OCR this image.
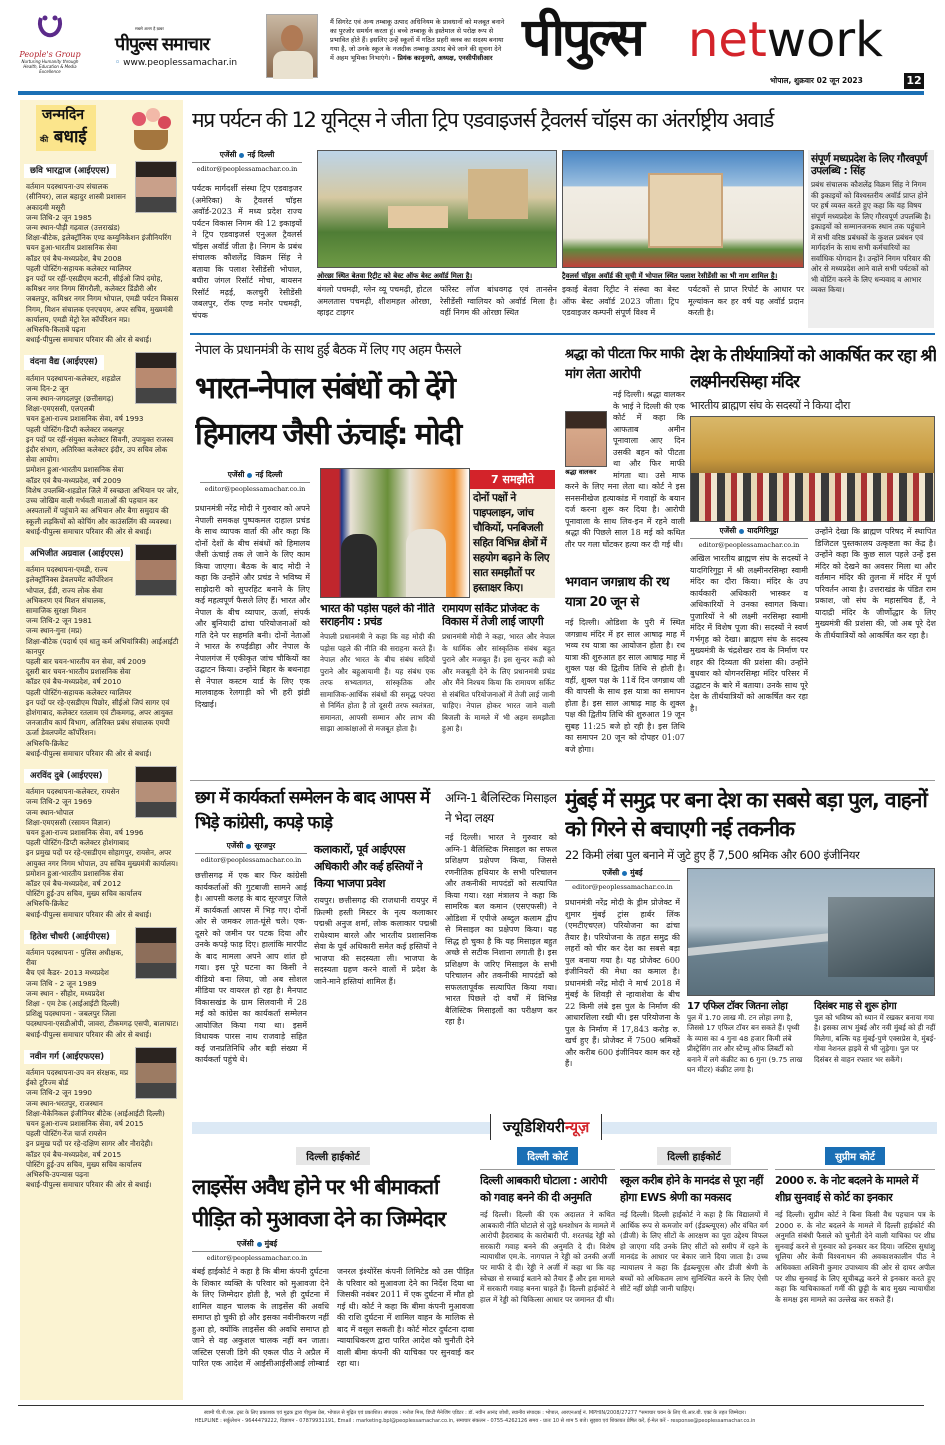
People's Group
Nurturing Humanity through Health, Education & Media Excellence
सबसे अलग है ख़बर
पीपुल्स समाचार
◦ www.peoplessamachar.in
मैं सिगरेट एवं अन्य तम्बाकू उत्पाद अधिनियम के प्रावधानों को मजबूत बनाने का पुरजोर समर्थन करता हूं। बच्चे तम्बाकू के इस्तेमाल से परोक्ष रूप से प्रभावित होते हैं। इसलिए उन्हें स्कूलों में गठित प्रहरी क्लब का सदस्य बनाया गया है, जो उनके स्कूल के नजदीक तम्बाकू उत्पाद बेचे जाने की सूचना देने में अहम भूमिका निभाएंगे। - प्रियंक कानूनगो, अध्यक्ष, एनसीपीसीआर पीपुल्स network
भोपाल, शुक्रवार 02 जून 2023	12
जन्मदिन
की बधाई
छवि भारद्वाज (आईएएस)
वर्तमान पदस्थापना-उप संचालक (सीनियर), लाल बहादुर शास्त्री प्रशासन अकादमी मसूरी
जन्म तिथि-2 जून 1985
जन्म स्थान-पौड़ी गढ़वाल (उत्तराखंड)
शिक्षा-बीटेक, इलेक्ट्रॉनिक एण्ड कम्युनिकेशन इंजीनियरिंग
चयन हुआ-भारतीय प्रशासनिक सेवा
कॉडर एवं बैच-मध्यप्रदेश, बैच 2008
पहली पोस्टिंग-सहायक कलेक्टर ग्वालियर
इन पदों पर रहीं-एसडीएम कटनी, सीईओ जिपं दमोह, कमिश्नर नगर निगम सिंगरौली, कलेक्टर डिंडौरी और जबलपुर, कमिश्नर नगर निगम भोपाल, एमडी पर्यटन विकास निगम, मिशन संचालक एनएचएम, अपर सचिव, मुख्यमंत्री कार्यालय, एमडी मेट्रो रेल कॉर्पोरेशन मप्र।
अभिरुचि-किताबें पढ़ना
बधाई-पीपुल्स समाचार परिवार की ओर से बधाई।
वंदना वैद्य (आईएएस)
वर्तमान पदस्थापना-कलेक्टर, शहडोल
जन्म दिन-2 जून
जन्म स्थान-जगदलपुर (छत्तीसगढ़)
शिक्षा-एमएससी, एलएलबी
चयन हुआ-राज्य प्रशासनिक सेवा, वर्ष 1993
पहली पोस्टिंग-डिप्टी कलेक्टर जबलपुर
इन पदों पर रहीं-संयुक्त कलेक्टर सिवनी, उपायुक्त राजस्व इंदौर संभाग, अतिरिक्त कलेक्टर इंदौर, उप सचिव लोक सेवा आयोग।
प्रमोशन हुआ-भारतीय प्रशासनिक सेवा
कॉडर एवं बैच-मध्यप्रदेश, वर्ष 2009
विशेष उपलब्धि-शहडोल जिले में स्वच्छता अभियान पर जोर, उच्च जोखिम वाली गर्भवती माताओं की पहचान कर अस्पतालों में पहुंचाने का अभियान और बैगा समुदाय की स्कूली लड़कियों को कोचिंग और काउंसलिंग की व्यवस्था।
बधाई-पीपुल्स समाचार परिवार की ओर से बधाई।
अभिजीत अग्रवाल (आईएएस)
वर्तमान पदस्थापना-एमडी, राज्य इलेक्ट्रॉनिक्स डेवलपमेंट कॉर्पोरेशन भोपाल, ईडी, राज्य लोक सेवा अभिकरण एवं मिशन संचालक, सामाजिक सुरक्षा मिशन
जन्म तिथि-2 जून 1981
जन्म स्थान-गुना (मप्र)
शिक्षा-बीटेक (पदार्थ एवं धातु कर्म अभियांत्रिकी) आईआईटी कानपुर
पहली बार चयन-भारतीय वन सेवा, वर्ष 2009
दूसरी बार चयन-भारतीय प्रशासनिक सेवा
कॉडर एवं बैच-मध्यप्रदेश, वर्ष 2010
पहली पोस्टिंग-सहायक कलेक्टर ग्वालियर
इन पदों पर रहे-एसडीएम पिछोर, सीईओ जिपं सागर एवं होशंगाबाद, कलेक्टर रतलाम एवं टीकमगढ़, अपर आयुक्त जनजातीय कार्य विभाग, अतिरिक्त प्रबंध संचालक एमपी ऊर्जा डेवलपमेंट कॉर्पोरेशन।
अभिरुचि-क्रिकेट
बधाई-पीपुल्स समाचार परिवार की ओर से बधाई।
अरविंद दुबे (आईएएस)
वर्तमान पदस्थापना-कलेक्टर, रायसेन
जन्म तिथि-2 जून 1969
जन्म स्थान-भोपाल
शिक्षा-एमएससी (रसायन विज्ञान)
चयन हुआ-राज्य प्रशासनिक सेवा, वर्ष 1996
पहली पोस्टिंग-डिप्टी कलेक्टर होशंगाबाद
इन प्रमुख पदों पर रहे-एसडीएम सोहागपुर, रायसेन, अपर आयुक्त नगर निगम भोपाल, उप सचिव मुख्यमंत्री कार्यालय।
प्रमोशन हुआ-भारतीय प्रशासनिक सेवा
कॉडर एवं बैच-मध्यप्रदेश, वर्ष 2012
पोस्टिंग हुई-उप सचिव, मुख्य सचिव कार्यालय
अभिरुचि-क्रिकेट
बधाई-पीपुल्स समाचार परिवार की ओर से बधाई।
हितेश चौधरी (आईपीएस)
वर्तमान पदस्थापना - पुलिस अधीक्षक, रीवा
बैच एवं कैडर- 2013 मध्यप्रदेश
जन्म तिथि - 2 जून 1989
जन्म स्थान - सीहोर, मध्यप्रदेश
शिक्षा - एम टेक (आईआईटी दिल्ली)
प्रशिक्षु पदस्थापना - जबलपुर जिला
पदस्थापना-एसडीओपी, जावरा, टीकमगढ़ एसपी, बालाघाट।
बधाई-पीपुल्स समाचार परिवार की ओर से बधाई।
नवीन गर्ग (आईएफएस)
वर्तमान पदस्थापना-उप वन संरक्षक, मप्र ईको टूरिज्म बोर्ड
जन्म तिथि-2 जून 1990
जन्म स्थान-भरतपुर, राजस्थान
शिक्षा-मैकेनिकल इंजीनियर बीटेक (आईआईटी दिल्ली)
चयन हुआ-राज्य प्रशासनिक सेवा, वर्ष 2015
पहली पोस्टिंग-रेंज चार्ज रायसेन
इन प्रमुख पदों पर रहे-दक्षिण सागर और नौरादेही।
कॉडर एवं बैच-मध्यप्रदेश, वर्ष 2015
पोस्टिंग हुई-उप सचिव, मुख्य सचिव कार्यालय
अभिरुचि-उपन्यास पढ़ना
बधाई-पीपुल्स समाचार परिवार की ओर से बधाई।
मप्र पर्यटन की 12 यूनिट्स ने जीता ट्रिप एडवाइजर्स ट्रैवलर्स चॉइस का अंतर्राष्ट्रीय अवार्ड
एजेंसी नई दिल्ली
editor@peoplessamachar.co.in
पर्यटक मार्गदर्शी संस्था ट्रिप एडवाइजर (अमेरिका) के ट्रैवलर्स चॉइस अवॉर्ड-2023 में मध्य प्रदेश राज्य पर्यटन विकास निगम की 12 इकाइयों ने ट्रिप एडवाइजर्स एनुअल ट्रैवलर्स चॉइस अवॉर्ड जीता है। निगम के प्रबंध संचालक कौशलेंद्र विक्रम सिंह ने बताया कि पलाश रेसीडेंसी भोपाल, बघीरा जंगल रिसॉर्ट मोचा, बायसन रिसॉर्ट मढ़ई, कलचुरी रेसीडेंसी जबलपुर, रॉक एण्ड मनोर पचमढ़ी, चंपक
ओरछा स्थित बेतवा रिट्रीट को बेस्ट ऑफ बेस्ट अवॉर्ड मिला है।
बंगलो पचमढ़ी, ग्लेन व्यू पचमढ़ी, होटल अमलतास पचमढ़ी, शीशमहल ओरछा, व्हाइट टाइगर
फॉरेस्ट लॉज बांधवगढ़ एवं तानसेन रेसीडेंसी ग्वालियर को अवॉर्ड मिला है। वहीं निगम की ओरछा स्थित
ट्रैवलर्स चॉइस अवॉर्ड की सूची में भोपाल स्थित पलाश रेसीडेंसी का भी नाम शामिल है।
इकाई बेतवा रिट्रीट ने संस्था का बेस्ट ऑफ बेस्ट अवॉर्ड 2023 जीता। ट्रिप एडवाइजर कम्पनी संपूर्ण विश्व में
पर्यटकों से प्राप्त रिपोर्ट के आधार पर मूल्यांकन कर हर वर्ष यह अवॉर्ड प्रदान करती है।
संपूर्ण मध्यप्रदेश के लिए गौरवपूर्ण उपलब्धि : सिंह
प्रबंध संचालक कौशलेंद्र विक्रम सिंह ने निगम की इकाइयों को विश्वस्तरीय अवॉर्ड प्राप्त होने पर हर्ष व्यक्त करते हुए कहा कि यह विषय संपूर्ण मध्यप्रदेश के लिए गौरवपूर्ण उपलब्धि है। इकाइयों को सम्मानजनक स्थान तक पहुंचाने में सभी वरिष्ठ प्रबंधकों के कुशल प्रबंधन एवं मार्गदर्शन के साथ सभी कर्मचारियों का सर्वाधिक योगदान है। उन्होंने निगम परिवार की ओर से मध्यप्रदेश आने वाले सभी पर्यटकों को भी वोटिंग करने के लिए धन्यवाद व आभार व्यक्त किया।
नेपाल के प्रधानमंत्री के साथ हुई बैठक में लिए गए अहम फैसले
भारत-नेपाल संबंधों को देंगे
हिमालय जैसी ऊंचाई: मोदी
एजेंसी नई दिल्ली
editor@peoplessamachar.co.in
प्रधानमंत्री नरेंद्र मोदी ने गुरुवार को अपने नेपाली समकक्ष पुष्पकमल दाहाल प्रचंड के साथ व्यापक वार्ता की और कहा कि दोनों देशों के बीच संबंधों को हिमालय जैसी ऊंचाई तक ले जाने के लिए काम किया जाएगा। बैठक के बाद मोदी ने कहा कि उन्होंने और प्रचंड ने भविष्य में साझेदारी को सुपरहिट बनाने के लिए कई महत्वपूर्ण फैसले लिए हैं। भारत और नेपाल के बीच व्यापार, ऊर्जा, संपर्क और बुनियादी ढांचा परियोजनाओं को गति देने पर सहमति बनी। दोनों नेताओं ने भारत के रुपईडीहा और नेपाल के नेपालगंज में एकीकृत जांच चौकियों का उद्घाटन किया। उन्होंने बिहार के बथनाहा से नेपाल कस्टम यार्ड के लिए एक मालवाहक रेलगाड़ी को भी हरी झंडी दिखाई।
7 समझौते
दोनों पक्षों ने पाइपलाइन, जांच चौकियों, पनबिजली सहित विभिन्न क्षेत्रों में सहयोग बढ़ाने के लिए सात समझौतों पर हस्ताक्षर किए।
भारत की पड़ोस पहले की नीति सराहनीय : प्रचंड
नेपाली प्रधानमंत्री ने कहा कि वह मोदी की पड़ोस पहले की नीति की सराहना करते हैं। नेपाल और भारत के बीच संबंध सदियों पुराने और बहुआयामी हैं। यह संबंध एक तरफ सभ्यतागत, सांस्कृतिक और सामाजिक-आर्थिक संबंधों की समृद्ध परंपरा से निर्मित होता है तो दूसरी तरफ स्वतंत्रता, समानता, आपसी सम्मान और लाभ की साझा आकांक्षाओं से मजबूत होता है।
रामायण सर्किट प्रोजेक्ट के विकास में तेजी लाई जाएगी
प्रधानमंत्री मोदी ने कहा, भारत और नेपाल के धार्मिक और सांस्कृतिक संबंध बहुत पुराने और मजबूत हैं। इस सुन्दर कड़ी को और मजबूती देने के लिए प्रधानमंत्री प्रचंड और मैंने निश्चय किया कि रामायण सर्किट से संबंधित परियोजनाओं में तेजी लाई जानी चाहिए। नेपाल होकर भारत जाने वाली बिजली के मामले में भी अहम समझौता हुआ है।
श्रद्धा को पीटता फिर माफी मांग लेता आरोपी
श्रद्धा वालकर
नई दिल्ली। श्रद्धा वालकर के भाई ने दिल्ली की एक कोर्ट में कहा कि आफताब अमीन पूनावाला आए दिन उसकी बहन को पीटता था और फिर माफी मांगता था। उसे माफ करने के लिए मना लेता था। कोर्ट ने इस सनसनीखेज हत्याकांड में गवाहों के बयान दर्ज करना शुरू कर दिया है। आरोपी पूनावाला के साथ लिव-इन में रहने वाली श्रद्धा की पिछले साल 18 मई को कथित तौर पर गला घोंटकर हत्या कर दी गई थी।
भगवान जगन्नाथ की रथ यात्रा 20 जून से
नई दिल्ली। ओडिशा के पुरी में स्थित जगन्नाथ मंदिर में हर साल आषाढ़ माह में भव्य रथ यात्रा का आयोजन होता है। रथ यात्रा की शुरुआत हर साल आषाढ़ माह में शुक्ल पक्ष की द्वितीय तिथि से होती है। वहीं, शुक्ल पक्ष के 11वें दिन जगन्नाथ जी की वापसी के साथ इस यात्रा का समापन होता है। इस साल आषाढ़ माह के शुक्ल पक्ष की द्वितीय तिथि की शुरुआत 19 जून सुबह 11:25 बजे हो रही है। इस तिथि का समापन 20 जून को दोपहर 01:07 बजे होगा।
देश के तीर्थयात्रियों को आकर्षित कर रहा श्री लक्ष्मीनरसिम्हा मंदिर
भारतीय ब्राह्मण संघ के सदस्यों ने किया दौरा
एजेंसी यादगिरिगुट्टा
editor@peoplessamachar.co.in
अखिल भारतीय ब्राह्मण संघ के सदस्यों ने यादगिरिगुट्टा में श्री लक्ष्मीनरसिम्हा स्वामी मंदिर का दौरा किया। मंदिर के उप कार्यकारी अधिकारी भास्कर व अधिकारियों ने उनका स्वागत किया। पुजारियों ने श्री लक्ष्मी नरसिम्हा स्वामी मंदिर में विशेष पूजा की। सदस्यों ने स्वर्ण गर्भगृह को देखा। ब्राह्मण संघ के सदस्य मुख्यमंत्री के चंद्रशेखर राव के निर्माण पर शहर की दिव्यता की प्रशंसा की। उन्होंने बुधवार को योगनरसिम्हा मंदिर परिसर में उद्घाटन के बारे में बताया। उनके साथ पूरे देश के तीर्थयात्रियों को आकर्षित कर रहा है।
उन्होंने देखा कि ब्राह्मण परिषद में स्थापित डिजिटल पुस्तकालय उत्कृष्टता का केंद्र है। उन्होंने कहा कि कुछ साल पहले उन्हें इस मंदिर को देखने का अवसर मिला था और वर्तमान मंदिर की तुलना में मंदिर में पूर्ण परिवर्तन आया है। उत्तराखंड के पंडित राम प्रकाश, जो संघ के महासचिव हैं, ने यादाद्री मंदिर के जीर्णोद्धार के लिए मुख्यमंत्री की प्रशंसा की, जो अब पूरे देश के तीर्थयात्रियों को आकर्षित कर रहा है।
छग में कार्यकर्ता सम्मेलन के बाद आपस में भिड़े कांग्रेसी, कपड़े फाड़े
एजेंसी सूरजपुर
editor@peoplessamachar.co.in
छत्तीसगढ़ में एक बार फिर कांग्रेसी कार्यकर्ताओं की गुटबाजी सामने आई है। आपसी कलह के बाद सूरजपुर जिले में कार्यकर्ता आपस में भिड़ गए। दोनों ओर से जमकर लात-घूंसे चले। एक-दूसरे को जमीन पर पटक दिया और उनके कपड़े फाड़ दिए। हालांकि मारपीट के बाद मामला अपने आप शांत हो गया। इस पूरे घटना का किसी ने वीडियो बना लिया, जो अब सोशल मीडिया पर वायरल हो रहा है। मैनपाट विकासखंड के ग्राम सिलवानी में 28 मई को कांग्रेस का कार्यकर्ता सम्मेलन आयोजित किया गया था। इसमें विधायक पारस नाथ राजवाड़े सहित कई जनप्रतिनिधि और बड़ी संख्या में कार्यकर्ता पहुंचे थे।
कलाकारों, पूर्व आईएएस अधिकारी और कई हस्तियों ने किया भाजपा प्रवेश
रायपुर। छत्तीसगढ़ की राजधानी रायपुर में फ़िल्मी हस्ती मिस्टर के नृत्य कलाकार पद्मश्री अनुज शर्मा, लोक कलाकार पद्मश्री राधेश्याम बारले और भारतीय प्रशासनिक सेवा के पूर्व अधिकारी समेत कई हस्तियों ने भाजपा की सदस्यता ली। भाजपा के सदस्यता ग्रहण करने वालों में प्रदेश के जाने-माने हस्तियां शामिल हैं।
अग्नि-1 बैलिस्टिक मिसाइल ने भेदा लक्ष्य
नई दिल्ली। भारत ने गुरुवार को अग्नि-1 बैलिस्टिक मिसाइल का सफल प्रशिक्षण प्रक्षेपण किया, जिससे रणनीतिक हथियार के सभी परिचालन और तकनीकी मापदंडों को सत्यापित किया गया। रक्षा मंत्रालय ने कहा कि सामरिक बल कमान (एसएफसी) ने ओडिशा में एपीजे अब्दुल कलाम द्वीप से मिसाइल का प्रक्षेपण किया। यह सिद्ध हो चुका है कि यह मिसाइल बहुत अच्छे से सटीक निशाना लगाती है। इस प्रशिक्षण के जरिए मिसाइल के सभी परिचालन और तकनीकी मापदंडों को सफलतापूर्वक सत्यापित किया गया। भारत पिछले दो वर्षों में विभिन्न बैलिस्टिक मिसाइलों का परीक्षण कर रहा है।
मुंबई में समुद्र पर बना देश का सबसे बड़ा पुल, वाहनों को गिरने से बचाएगी नई तकनीक
22 किमी लंबा पुल बनाने में जुटे हुए हैं 7,500 श्रमिक और 600 इंजीनियर
एजेंसी मुंबई
editor@peoplessamachar.co.in
प्रधानमंत्री नरेंद्र मोदी के ड्रीम प्रोजेक्ट में शुमार मुंबई ट्रांस हार्बर लिंक (एमटीएचएल) परियोजना का ढांचा तैयार है। परियोजना के तहत समुद्र की लहरों को चीर कर देश का सबसे बड़ा पुल बनाया गया है। यह प्रोजेक्ट 600 इंजीनियरों की मेधा का कमाल है। प्रधानमंत्री नरेंद्र मोदी ने मार्च 2018 में मुंबई के शिवड़ी से न्हावाशेवा के बीच 22 किमी लंबे इस पुल के निर्माण की आधारशिला रखी थी। इस परियोजना के पुल के निर्माण में 17,843 करोड़ रु. खर्च हुए हैं। प्रोजेक्ट में 7500 श्रमिकों और करीब 600 इंजीनियर काम कर रहे हैं।
17 एफिल टॉवर जितना लोहा
पुल में 1.70 लाख मी. टन लोहा लगा है, जिससे 17 एफिल टॉवर बन सकते हैं। पृथ्वी के व्यास का 4 गुना 48 हजार किमी लंबे प्रीस्ट्रेसिंग तार और स्टैच्यू ऑफ लिबर्टी को बनाने में लगे कंक्रीट का 6 गुना (9.75 लाख घन मीटर) कंक्रीट लगा है।
दिसंबर माह से शुरू होगा
पुल को भविष्य को ध्यान में रखकर बनाया गया है। इसका लाभ मुंबई और नवी मुंबई को ही नहीं मिलेगा, बल्कि यह मुंबई-पुणे एक्सप्रेस वे, मुंबई-गोवा नेशनल हाइवे से भी जुड़ेगा। पुल पर दिसंबर से वाहन रफ्तार भर सकेंगे।
ज्यूडिशियरीन्यूज़
दिल्ली हाईकोर्ट
लाइसेंस अवैध होने पर भी बीमाकर्ता पीड़ित को मुआवजा देने का जिम्मेदार
एजेंसी मुंबई
editor@peoplessamachar.co.in
बंबई हाईकोर्ट ने कहा है कि बीमा कंपनी दुर्घटना के शिकार व्यक्ति के परिवार को मुआवजा देने के लिए जिम्मेदार होती है, भले ही दुर्घटना में शामिल वाहन चालक के लाइसेंस की अवधि समाप्त हो चुकी हो और इसका नवीनीकरण नहीं हुआ हो, क्योंकि लाइसेंस की अवधि समाप्त हो जाने से वह अकुशल चालक नहीं बन जाता। जस्टिस एसजी डिगे की एकल पीठ ने अप्रैल में पारित एक आदेश में आईसीआईसीआई लोम्बार्ड जनरल इंश्योरेंस कंपनी लिमिटेड को उस पीड़ित के परिवार को मुआवजा देने का निर्देश दिया था जिसकी नवंबर 2011 में एक दुर्घटना में मौत हो गई थी। कोर्ट ने कहा कि बीमा कंपनी मुआवजा की राशि दुर्घटना में शामिल वाहन के मालिक से बाद में वसूल सकती है। कोर्ट मोटर दुर्घटना दावा न्यायाधिकरण द्वारा पारित आदेश को चुनौती देने वाली बीमा कंपनी की याचिका पर सुनवाई कर रहा था।
दिल्ली कोर्ट
दिल्ली आबकारी घोटाला : आरोपी को गवाह बनने की दी अनुमति
नई दिल्ली। दिल्ली की एक अदालत ने कथित आबकारी नीति घोटाले से जुड़े धनशोधन के मामले में आरोपी हैदराबाद के कारोबारी पी. शरतचंद्र रेड्डी को सरकारी गवाह बनने की अनुमति दे दी। विशेष न्यायाधीश एम.के. नागपाल ने रेड्डी को उनकी अर्जी पर माफी दे दी। रेड्डी ने अर्जी में कहा था कि वह स्वेच्छा से सच्चाई बताने को तैयार हैं और इस मामले में सरकारी गवाह बनना चाहते हैं। दिल्ली हाईकोर्ट ने हाल में रेड्डी को चिकित्सा आधार पर जमानत दी थी।
दिल्ली हाईकोर्ट
स्कूल करीब होने के मानदंड से पूरा नहीं होगा EWS श्रेणी का मकसद
नई दिल्ली। दिल्ली हाईकोर्ट ने कहा है कि विद्यालयों में आर्थिक रूप से कमजोर वर्ग (ईडब्ल्यूएस) और वंचित वर्ग (डीजी) के लिए सीटों के आरक्षण का पूरा उद्देश्य विफल हो जाएगा यदि उनके लिए सीटों को समीप में रहने के मानदंड के आधार पर बेकार जाने दिया जाता है। उच्च न्यायालय ने कहा कि ईडब्ल्यूएस और डीजी श्रेणी के बच्चों को अधिकतम लाभ सुनिश्चित करने के लिए ऐसी सीटें नहीं छोड़ी जानी चाहिए।
सुप्रीम कोर्ट
2000 रु. के नोट बदलने के मामले में शीघ्र सुनवाई से कोर्ट का इनकार
नई दिल्ली। सुप्रीम कोर्ट ने बिना किसी वैध पहचान पत्र के 2000 रु. के नोट बदलने के मामले में दिल्ली हाईकोर्ट की अनुमति संबंधी फैसले को चुनौती देने वाली याचिका पर शीघ्र सुनवाई करने से गुरुवार को इनकार कर दिया। जस्टिस सुधांशु धूलिया और केवी विश्वनाथन की अवकाशकालीन पीठ ने अधिवक्ता अश्विनी कुमार उपाध्याय की ओर से दायर अपील पर शीघ्र सुनवाई के लिए सूचीबद्ध करने से इनकार करते हुए कहा कि याचिकाकर्ता गर्मी की छुट्टी के बाद मुख्य न्यायाधीश के समक्ष इस मामले का उल्लेख कर सकते हैं।
स्वामी पी.पी.एस. ट्रस्ट के लिए प्रकाशक एवं मुद्रक द्वारा पीपुल्स प्रेस, भोपाल से मुद्रित एवं प्रकाशित। संपादक : मनोज मिश्र, डिप्टी मैनेजिंग एडिटर : डॉ. नवीन आनंद जोशी, स्थानीय संपादक : भोपाल, आरएनआई नं. MPHIN/2008/27277 *समाचार चयन के लिए पी.आर.बी. एक्ट के तहत जिम्मेदार।
HELPLINE : सर्कुलेशन - 9644479222, विज्ञापन - 07879931191, Email : marketing.bpl@peoplessamachar.co.in, समाचार संकलन - 0755-4262126 समय - प्रातः 10 से शाम 5 बजे। सुझाव एवं शिकायत प्रेषित करें, ई-मेल करें - response@peoplessamachar.co.in
